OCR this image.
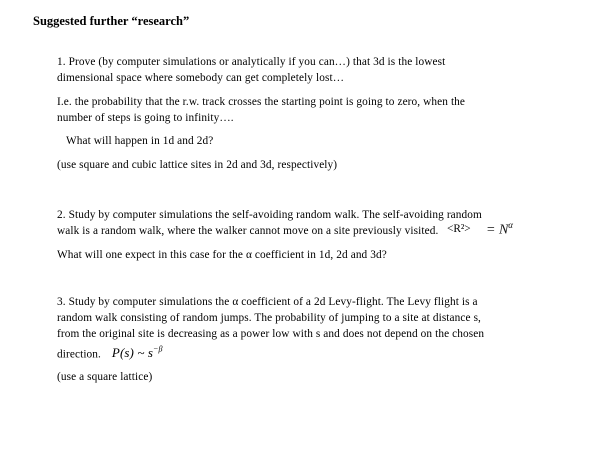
Suggested further “research”
1. Prove (by computer simulations or analytically if you can…) that 3d is the lowest
dimensional space where somebody can get completely lost…
I.e. the probability that the r.w. track crosses the starting point is going to zero, when the
number of steps is going to infinity….
What will happen in 1d and 2d?
(use square and cubic lattice sites in 2d and 3d, respectively)
2. Study by computer simulations the self-avoiding random walk. The self-avoiding random
walk is a random walk, where the walker cannot move on a site previously visited. $<R^2> = N^\alpha$
What will one expect in this case for the α coefficient in 1d, 2d and 3d?
3. Study by computer simulations the α coefficient of a 2d Levy-flight. The Levy flight is a
random walk consisting of random jumps. The probability of jumping to a site at distance s,
from the original site is decreasing as a power low with s and does not depend on the chosen
direction. P(s) ~ $s^{-\beta}$
(use a square lattice)
